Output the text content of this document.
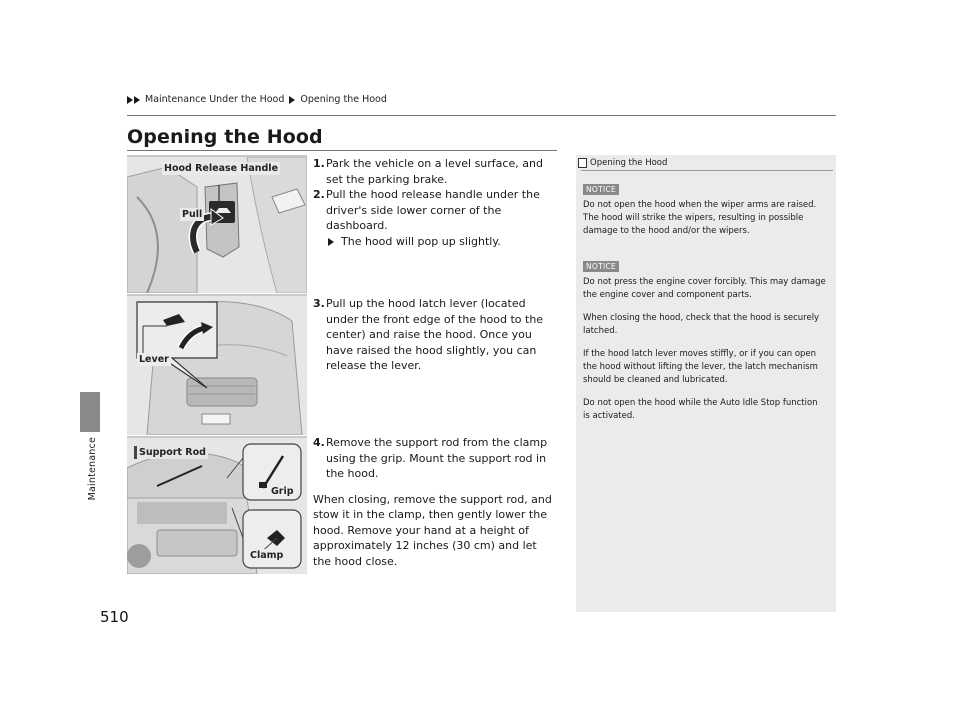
Maintenance Under the Hood Opening the Hood
Maintenance
510
Opening the Hood
Hood Release Handle
Pull
Lever
Support Rod
Grip
Clamp
1. Park the vehicle on a level surface, and set the parking brake.
2. Pull the hood release handle under the driver's side lower corner of the dashboard.
The hood will pop up slightly.
3. Pull up the hood latch lever (located under the front edge of the hood to the center) and raise the hood. Once you have raised the hood slightly, you can release the lever.
4. Remove the support rod from the clamp using the grip. Mount the support rod in the hood.
When closing, remove the support rod, and stow it in the clamp, then gently lower the hood. Remove your hand at a height of approximately 12 inches (30 cm) and let the hood close.
Opening the Hood
NOTICE
Do not open the hood when the wiper arms are raised. The hood will strike the wipers, resulting in possible damage to the hood and/or the wipers.
NOTICE
Do not press the engine cover forcibly. This may damage the engine cover and component parts.
When closing the hood, check that the hood is securely latched.
If the hood latch lever moves stiffly, or if you can open the hood without lifting the lever, the latch mechanism should be cleaned and lubricated.
Do not open the hood while the Auto Idle Stop function is activated.
